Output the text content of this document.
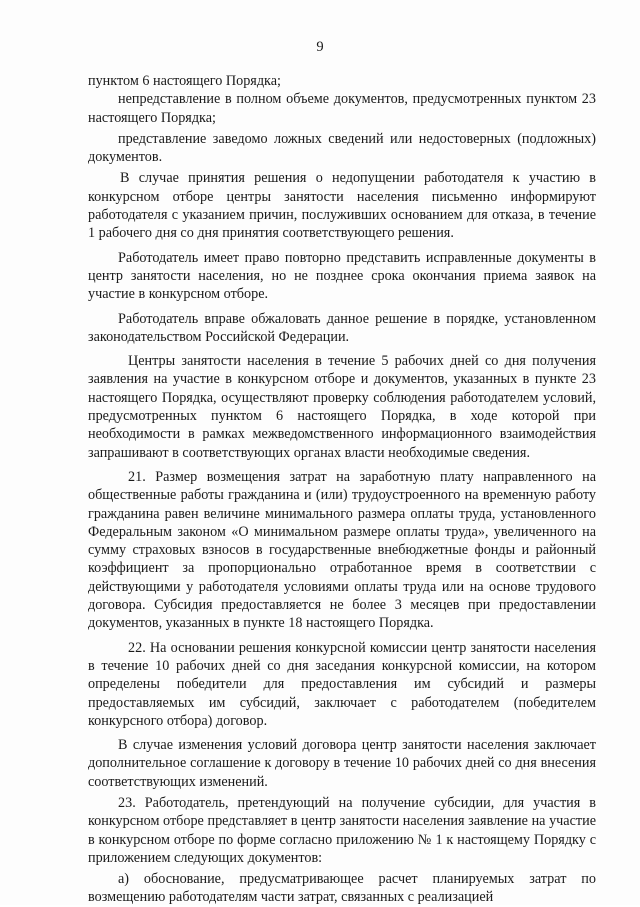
9

пунктом 6 настоящего Порядка;

непредставление в полном объеме документов, предусмотренных пунктом 23 настоящего Порядка;

представление заведомо ложных сведений или недостоверных (подложных) документов.

В случае принятия решения о недопущении работодателя к участию в конкурсном отборе центры занятости населения письменно информируют работодателя с указанием причин, послуживших основанием для отказа, в течение 1 рабочего дня со дня принятия соответствующего решения.

Работодатель имеет право повторно представить исправленные документы в центр занятости населения, но не позднее срока окончания приема заявок на участие в конкурсном отборе.

Работодатель вправе обжаловать данное решение в порядке, установленном законодательством Российской Федерации.

Центры занятости населения в течение 5 рабочих дней со дня получения заявления на участие в конкурсном отборе и документов, указанных в пункте 23 настоящего Порядка, осуществляют проверку соблюдения работодателем условий, предусмотренных пунктом 6 настоящего Порядка, в ходе которой при необходимости в рамках межведомственного информационного взаимодействия запрашивают в соответствующих органах власти необходимые сведения.

21. Размер возмещения затрат на заработную плату направленного на общественные работы гражданина и (или) трудоустроенного на временную работу гражданина равен величине минимального размера оплаты труда, установленного Федеральным законом «О минимальном размере оплаты труда», увеличенного на сумму страховых взносов в государственные внебюджетные фонды и районный коэффициент за пропорционально отработанное время в соответствии с действующими у работодателя условиями оплаты труда или на основе трудового договора. Субсидия предоставляется не более 3 месяцев при предоставлении документов, указанных в пункте 18 настоящего Порядка.

22. На основании решения конкурсной комиссии центр занятости населения в течение 10 рабочих дней со дня заседания конкурсной комиссии, на котором определены победители для предоставления им субсидий и размеры предоставляемых им субсидий, заключает с работодателем (победителем конкурсного отбора) договор.

В случае изменения условий договора центр занятости населения заключает дополнительное соглашение к договору в течение 10 рабочих дней со дня внесения соответствующих изменений.

23. Работодатель, претендующий на получение субсидии, для участия в конкурсном отборе представляет в центр занятости населения заявление на участие в конкурсном отборе по форме согласно приложению № 1 к настоящему Порядку с приложением следующих документов:

а) обоснование, предусматривающее расчет планируемых затрат по возмещению работодателям части затрат, связанных с реализацией
